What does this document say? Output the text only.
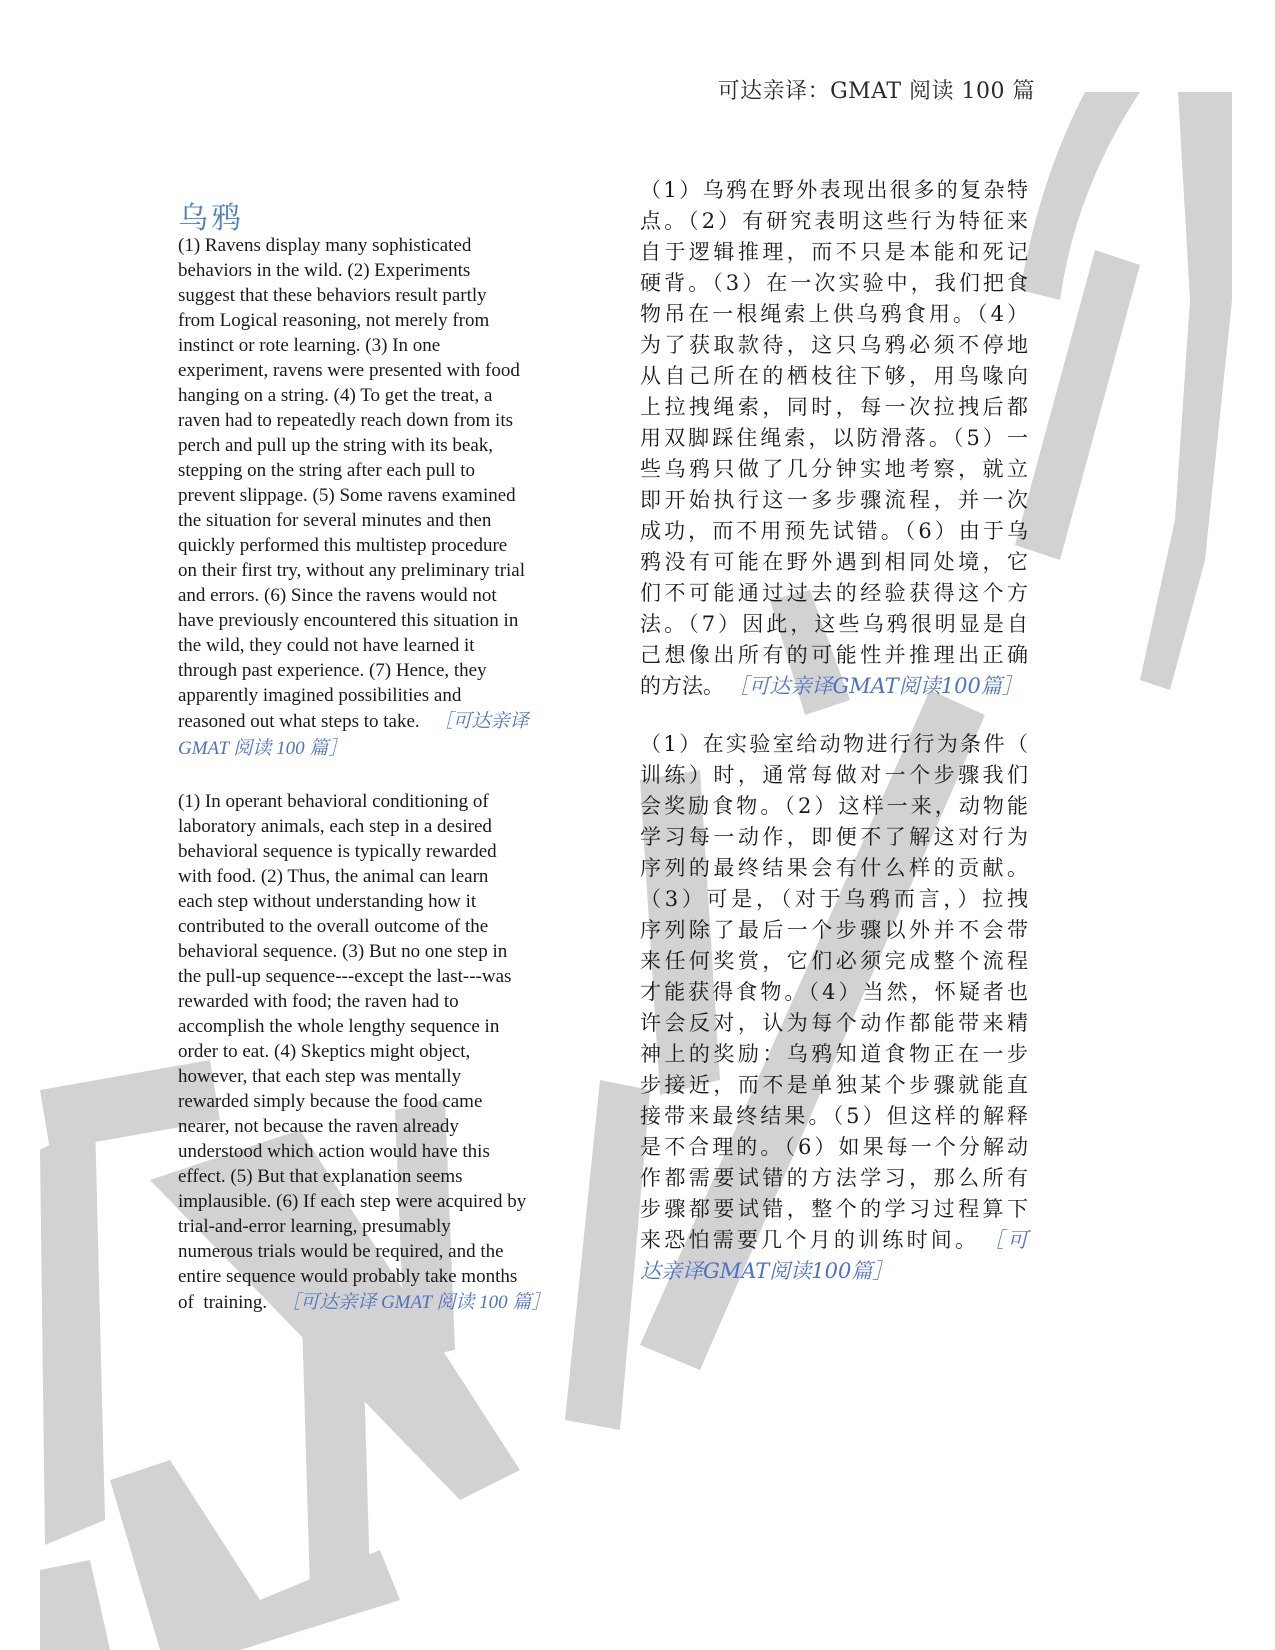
可达亲译：GMAT 阅读 100 篇
乌鸦
(1) Ravens display many sophisticated
behaviors in the wild. (2) Experiments
suggest that these behaviors result partly
from Logical reasoning, not merely from
instinct or rote learning. (3) In one
experiment, ravens were presented with food
hanging on a string. (4) To get the treat, a
raven had to repeatedly reach down from its
perch and pull up the string with its beak,
stepping on the string after each pull to
prevent slippage. (5) Some ravens examined
the situation for several minutes and then
quickly performed this multistep procedure
on their first try, without any preliminary trial
and errors. (6) Since the ravens would not
have previously encountered this situation in
the wild, they could not have learned it
through past experience. (7) Hence, they
apparently imagined possibilities and
reasoned out what steps to take. ［可达亲译
GMAT 阅读 100 篇］
(1) In operant behavioral conditioning of
laboratory animals, each step in a desired
behavioral sequence is typically rewarded
with food. (2) Thus, the animal can learn
each step without understanding how it
contributed to the overall outcome of the
behavioral sequence. (3) But no one step in
the pull-up sequence---except the last---was
rewarded with food; the raven had to
accomplish the whole lengthy sequence in
order to eat. (4) Skeptics might object,
however, that each step was mentally
rewarded simply because the food came
nearer, not because the raven already
understood which action would have this
effect. (5) But that explanation seems
implausible. (6) If each step were acquired by
trial-and-error learning, presumably
numerous trials would be required, and the
entire sequence would probably take months
of  training. ［可达亲译 GMAT 阅读 100 篇］
（1）乌鸦在野外表现出很多的复杂特
点。（2）有研究表明这些行为特征来
自于逻辑推理，而不只是本能和死记
硬背。（3）在一次实验中，我们把食
物吊在一根绳索上供乌鸦食用。（4）
为了获取款待，这只乌鸦必须不停地
从自己所在的栖枝往下够，用鸟喙向
上拉拽绳索，同时，每一次拉拽后都
用双脚踩住绳索，以防滑落。（5）一
些乌鸦只做了几分钟实地考察，就立
即开始执行这一多步骤流程，并一次
成功，而不用预先试错。（6）由于乌
鸦没有可能在野外遇到相同处境，它
们不可能通过过去的经验获得这个方
法。（7）因此，这些乌鸦很明显是自
己想像出所有的可能性并推理出正确
的方法。 ［可达亲译GMAT阅读100篇］
（1）在实验室给动物进行行为条件（
训练）时，通常每做对一个步骤我们
会奖励食物。（2）这样一来，动物能
学习每一动作，即便不了解这对行为
序列的最终结果会有什么样的贡献。
（3）可是，（对于乌鸦而言，）拉拽
序列除了最后一个步骤以外并不会带
来任何奖赏，它们必须完成整个流程
才能获得食物。（4）当然，怀疑者也
许会反对，认为每个动作都能带来精
神上的奖励：乌鸦知道食物正在一步
步接近，而不是单独某个步骤就能直
接带来最终结果。（5）但这样的解释
是不合理的。（6）如果每一个分解动
作都需要试错的方法学习，那么所有
步骤都要试错，整个的学习过程算下
来恐怕需要几个月的训练时间。 ［可
达亲译GMAT阅读100篇］
